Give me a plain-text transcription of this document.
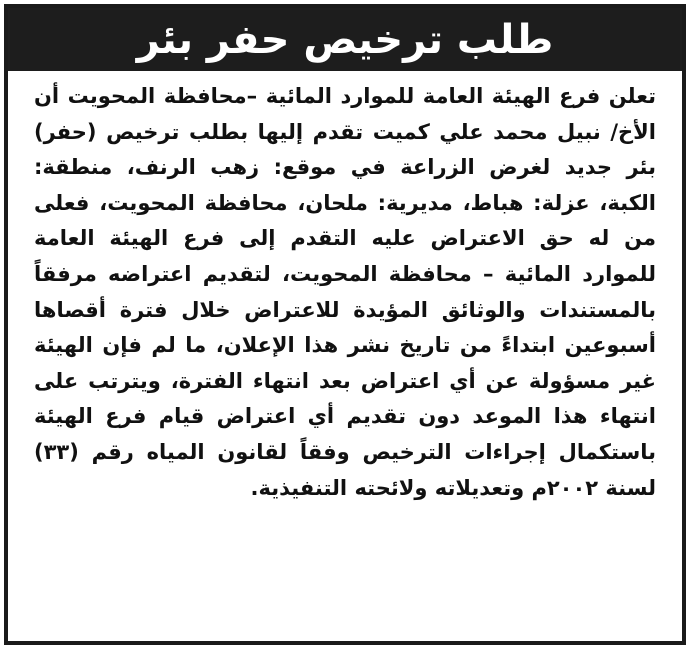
طلب ترخيص حفر بئر
تعلن فرع الهيئة العامة للموارد المائية –محافظة المحويت أن الأخ/ نبيل محمد علي كميت تقدم إليها بطلب ترخيص (حفر) بئر جديد لغرض الزراعة في موقع: زهب الرنف، منطقة: الكبة، عزلة: هباط، مديرية: ملحان، محافظة المحويت، فعلى من له حق الاعتراض عليه التقدم إلى فرع الهيئة العامة للموارد المائية – محافظة المحويت، لتقديم اعتراضه مرفقاً بالمستندات والوثائق المؤيدة للاعتراض خلال فترة أقصاها أسبوعين ابتداءً من تاريخ نشر هذا الإعلان، ما لم فإن الهيئة غير مسؤولة عن أي اعتراض بعد انتهاء الفترة، ويترتب على انتهاء هذا الموعد دون تقديم أي اعتراض قيام فرع الهيئة باستكمال إجراءات الترخيص وفقاً لقانون المياه رقم (٣٣) لسنة ٢٠٠٢م وتعديلاته ولائحته التنفيذية.
